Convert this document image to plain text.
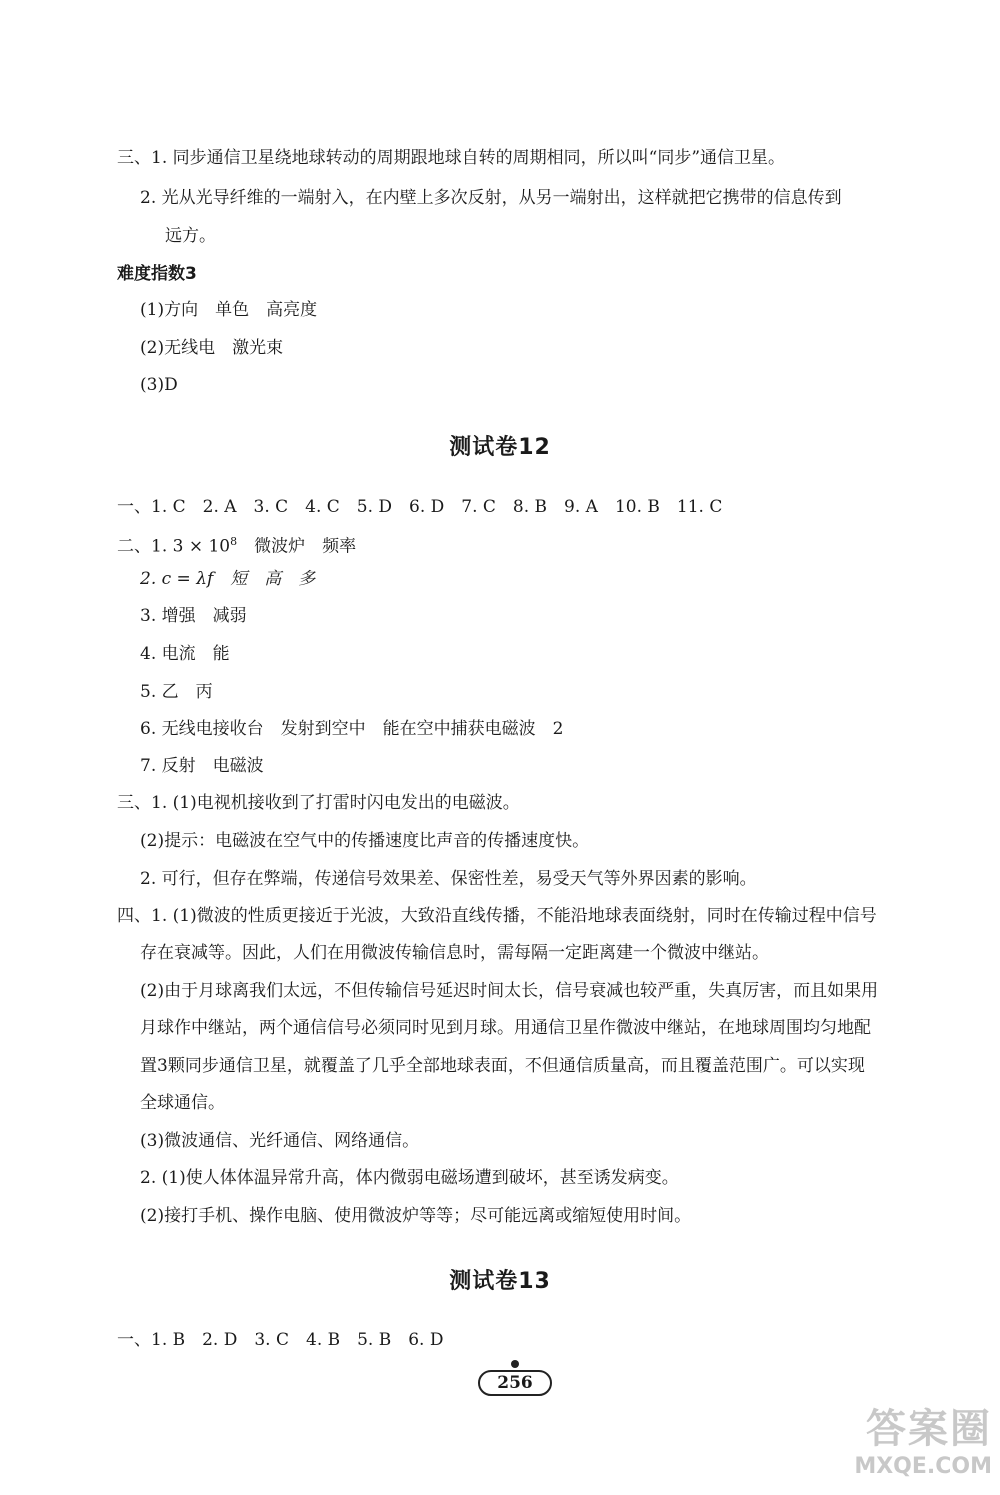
三、1. 同步通信卫星绕地球转动的周期跟地球自转的周期相同，所以叫“同步”通信卫星。
2. 光从光导纤维的一端射入，在内壁上多次反射，从另一端射出，这样就把它携带的信息传到
远方。
难度指数3
(1)方向　单色　高亮度
(2)无线电　激光束
(3)D
测试卷12
一、1. C　2. A　3. C　4. C　5. D　6. D　7. C　8. B　9. A　10. B　11. C
二、1. $3 \times 10^8$　微波炉　频率
2. c = λf　短　高　多
3. 增强　减弱
4. 电流　能
5. 乙　丙
6. 无线电接收台　发射到空中　能在空中捕获电磁波　2
7. 反射　电磁波
三、1. (1)电视机接收到了打雷时闪电发出的电磁波。
(2)提示：电磁波在空气中的传播速度比声音的传播速度快。
2. 可行，但存在弊端，传递信号效果差、保密性差，易受天气等外界因素的影响。
四、1. (1)微波的性质更接近于光波，大致沿直线传播，不能沿地球表面绕射，同时在传输过程中信号
存在衰减等。因此，人们在用微波传输信息时，需每隔一定距离建一个微波中继站。
(2)由于月球离我们太远，不但传输信号延迟时间太长，信号衰减也较严重，失真厉害，而且如果用
月球作中继站，两个通信信号必须同时见到月球。用通信卫星作微波中继站，在地球周围均匀地配
置3颗同步通信卫星，就覆盖了几乎全部地球表面，不但通信质量高，而且覆盖范围广。可以实现
全球通信。
(3)微波通信、光纤通信、网络通信。
2. (1)使人体体温异常升高，体内微弱电磁场遭到破坏，甚至诱发病变。
(2)接打手机、操作电脑、使用微波炉等等；尽可能远离或缩短使用时间。
测试卷13
一、1. B　2. D　3. C　4. B　5. B　6. D
256
答案圈
MXQE.COM
